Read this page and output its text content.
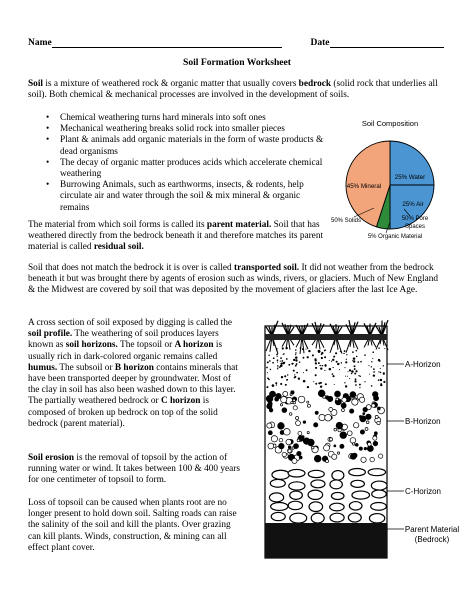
Name	Date
Soil Formation Worksheet
Soil is a mixture of weathered rock & organic matter that usually covers bedrock (solid rock that underlies all soil). Both chemical & mechanical processes are involved in the development of soils.
• Chemical weathering turns hard minerals into soft ones
• Mechanical weathering breaks solid rock into smaller pieces
• Plant & animals add organic materials in the form of waste products & dead organisms
• The decay of organic matter produces acids which accelerate chemical weathering
• Burrowing Animals, such as earthworms, insects, & rodents, help circulate air and water through the soil & mix mineral & organic remains
Soil Composition
25% Water
25% Air
45% Mineral
50% Solids	50% Pore
Spaces
5% Organic Material
The material from which soil forms is called its parent material. Soil that has weathered directly from the bedrock beneath it and therefore matches its parent material is called residual soil.
Soil that does not match the bedrock it is over is called transported soil. It did not weather from the bedrock beneath it but was brought there by agents of erosion such as winds, rivers, or glaciers. Much of New England & the Midwest are covered by soil that was deposited by the movement of glaciers after the last Ice Age.
A cross section of soil exposed by digging is called the soil profile. The weathering of soil produces layers known as soil horizons. The topsoil or A horizon is usually rich in dark-colored organic remains called humus. The subsoil or B horizon contains minerals that have been transported deeper by groundwater. Most of the clay in soil has also been washed down to this layer. The partially weathered bedrock or C horizon is composed of broken up bedrock on top of the solid bedrock (parent material).
Soil erosion is the removal of topsoil by the action of running water or wind. It takes between 100 & 400 years for one centimeter of topsoil to form.
Loss of topsoil can be caused when plants root are no longer present to hold down soil. Salting roads can raise the salinity of the soil and kill the plants. Over grazing can kill plants. Winds, construction, & mining can all effect plant cover.
A-Horizon
B-Horizon
C-Horizon
Parent Material
(Bedrock)
